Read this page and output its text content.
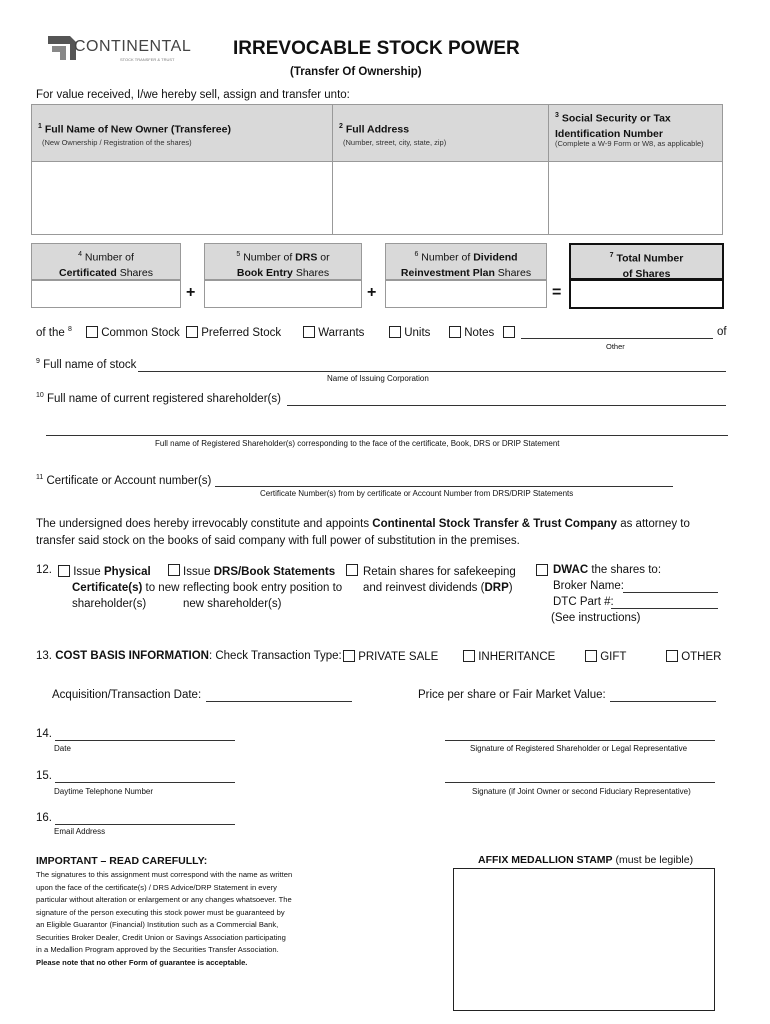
CONTINENTAL
STOCK TRANSFER & TRUST
IRREVOCABLE STOCK POWER
(Transfer Of Ownership)
For value received, I/we hereby sell, assign and transfer unto:
$^1$ Full Name of New Owner (Transferee)
(New Ownership / Registration of the shares)
$^2$ Full Address
(Number, street, city, state, zip)
$^3$ Social Security or Tax Identification Number
(Complete a W-9 Form or W8, as applicable)
$^4$ Number of
Certificated Shares
+
$^5$ Number of DRS or
Book Entry Shares
+
$^6$ Number of Dividend
Reinvestment Plan Shares
=
$^7$ Total Number
of Shares
of the $^8$	Common Stock	Preferred Stock	Warrants	Units	Notes	of
Other
$^9$ Full name of stock
Name of Issuing Corporation
$^{10}$ Full name of current registered shareholder(s)
Full name of Registered Shareholder(s) corresponding to the face of the certificate, Book, DRS or DRIP Statement
$^{11}$ Certificate or Account number(s)
Certificate Number(s) from by certificate or Account Number from DRS/DRIP Statements
The undersigned does hereby irrevocably constitute and appoints Continental Stock Transfer & Trust Company as attorney to transfer said stock on the books of said company with full power of substitution in the premises.
12.	Issue Physical Certificate(s) to new shareholder(s)
Issue DRS/Book Statements reflecting book entry position to new shareholder(s)
Retain shares for safekeeping and reinvest dividends (DRP)
DWAC the shares to:
Broker Name:
DTC Part #:
(See instructions)
13. COST BASIS INFORMATION: Check Transaction Type:	PRIVATE SALE	INHERITANCE	GIFT	OTHER
Acquisition/Transaction Date:	Price per share or Fair Market Value:
14.
Date	Signature of Registered Shareholder or Legal Representative
15.
Daytime Telephone Number	Signature (if Joint Owner or second Fiduciary Representative)
16.
Email Address
IMPORTANT – READ CAREFULLY:
The signatures to this assignment must correspond with the name as written
upon the face of the certificate(s) / DRS Advice/DRP Statement in every
particular without alteration or enlargement or any changes whatsoever. The
signature of the person executing this stock power must be guaranteed by
an Eligible Guarantor (Financial) Institution such as a Commercial Bank,
Securities Broker Dealer, Credit Union or Savings Association participating
in a Medallion Program approved by the Securities Transfer Association.
Please note that no other Form of guarantee is acceptable.
AFFIX MEDALLION STAMP (must be legible)
